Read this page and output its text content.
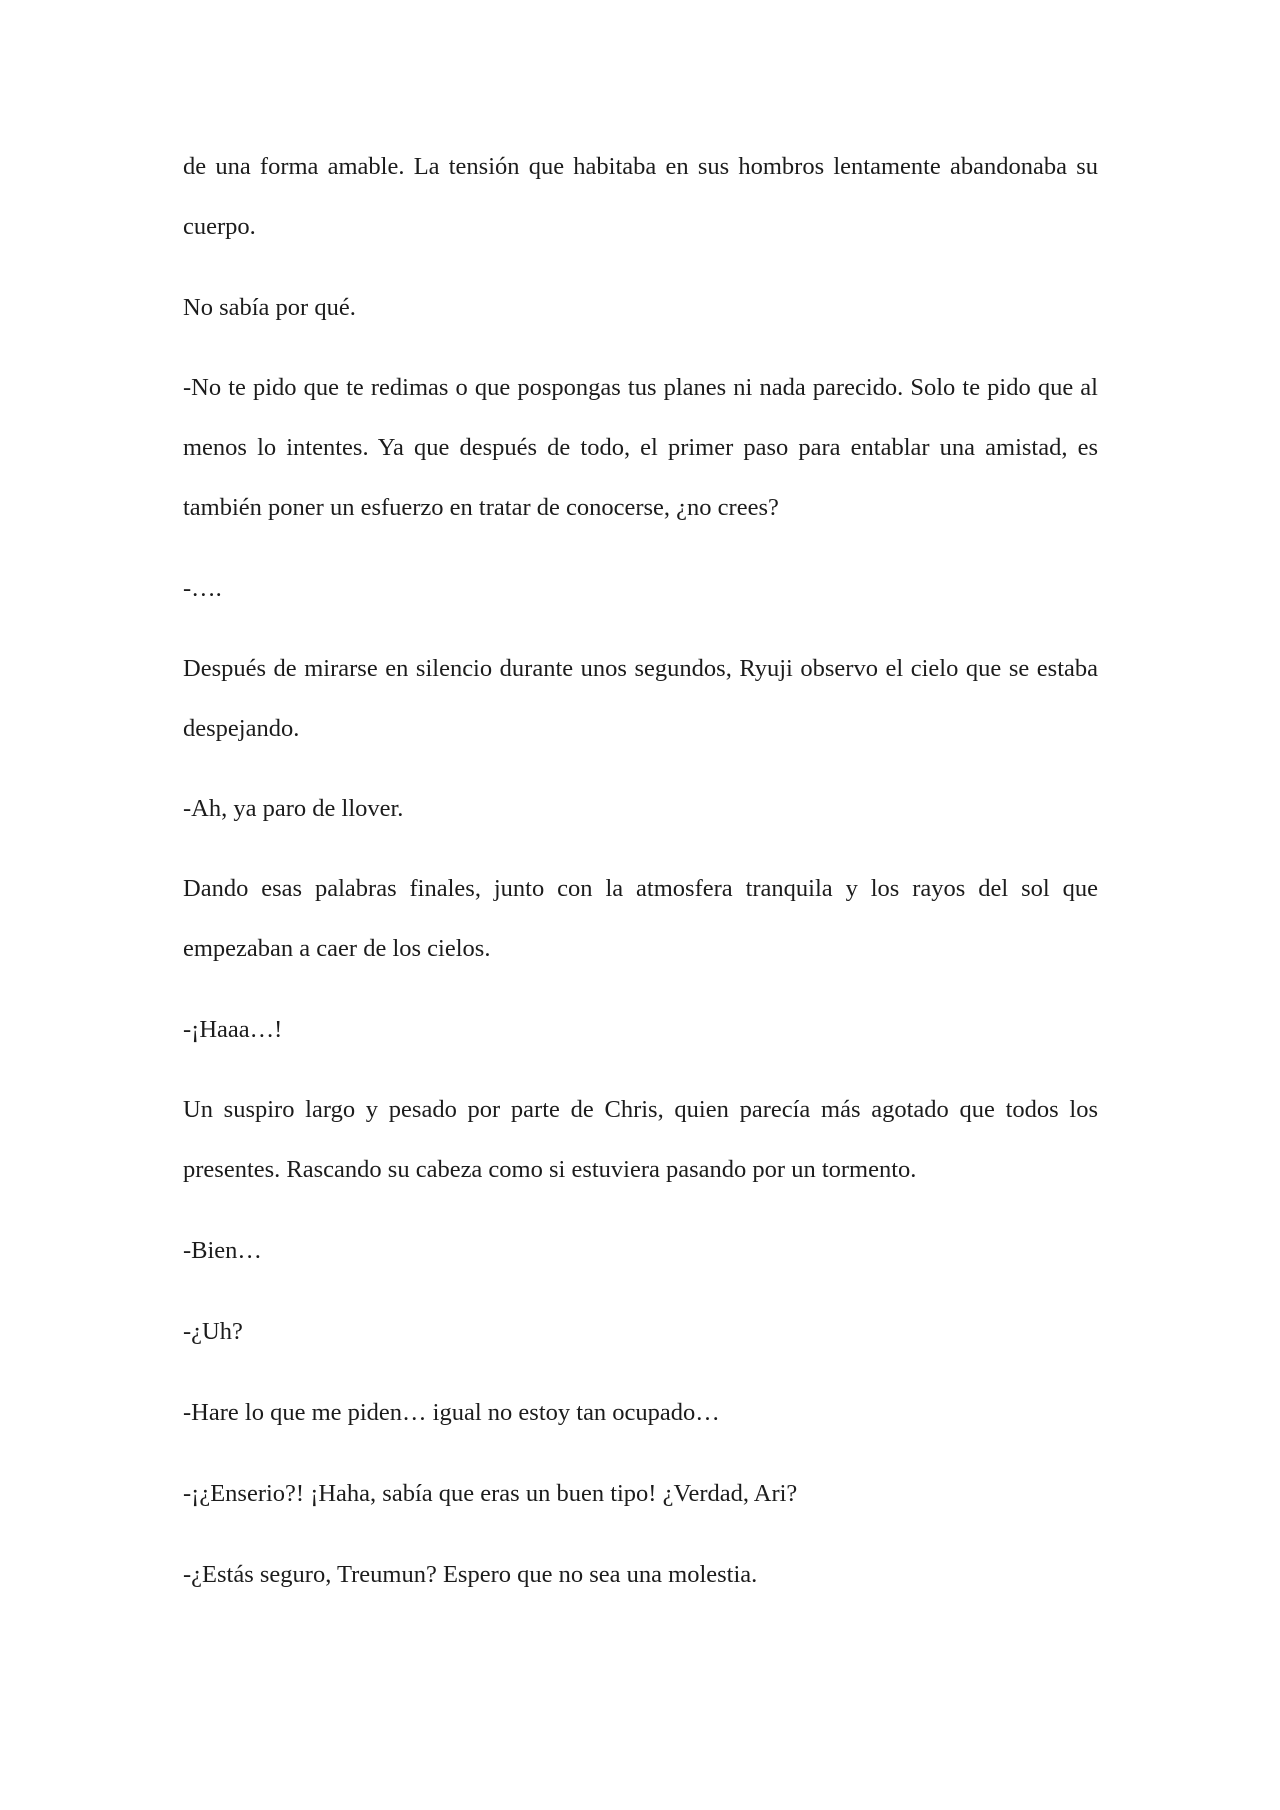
de una forma amable. La tensión que habitaba en sus hombros lentamente abandonaba su cuerpo.

No sabía por qué.

-No te pido que te redimas o que pospongas tus planes ni nada parecido. Solo te pido que al menos lo intentes. Ya que después de todo, el primer paso para entablar una amistad, es también poner un esfuerzo en tratar de conocerse, ¿no crees?

-….

Después de mirarse en silencio durante unos segundos, Ryuji observo el cielo que se estaba despejando.

-Ah, ya paro de llover.

Dando esas palabras finales, junto con la atmosfera tranquila y los rayos del sol que empezaban a caer de los cielos.

-¡Haaa…!

Un suspiro largo y pesado por parte de Chris, quien parecía más agotado que todos los presentes. Rascando su cabeza como si estuviera pasando por un tormento.

-Bien…

-¿Uh?

-Hare lo que me piden… igual no estoy tan ocupado…

-¡¿Enserio?! ¡Haha, sabía que eras un buen tipo! ¿Verdad, Ari?

-¿Estás seguro, Treumun? Espero que no sea una molestia.
